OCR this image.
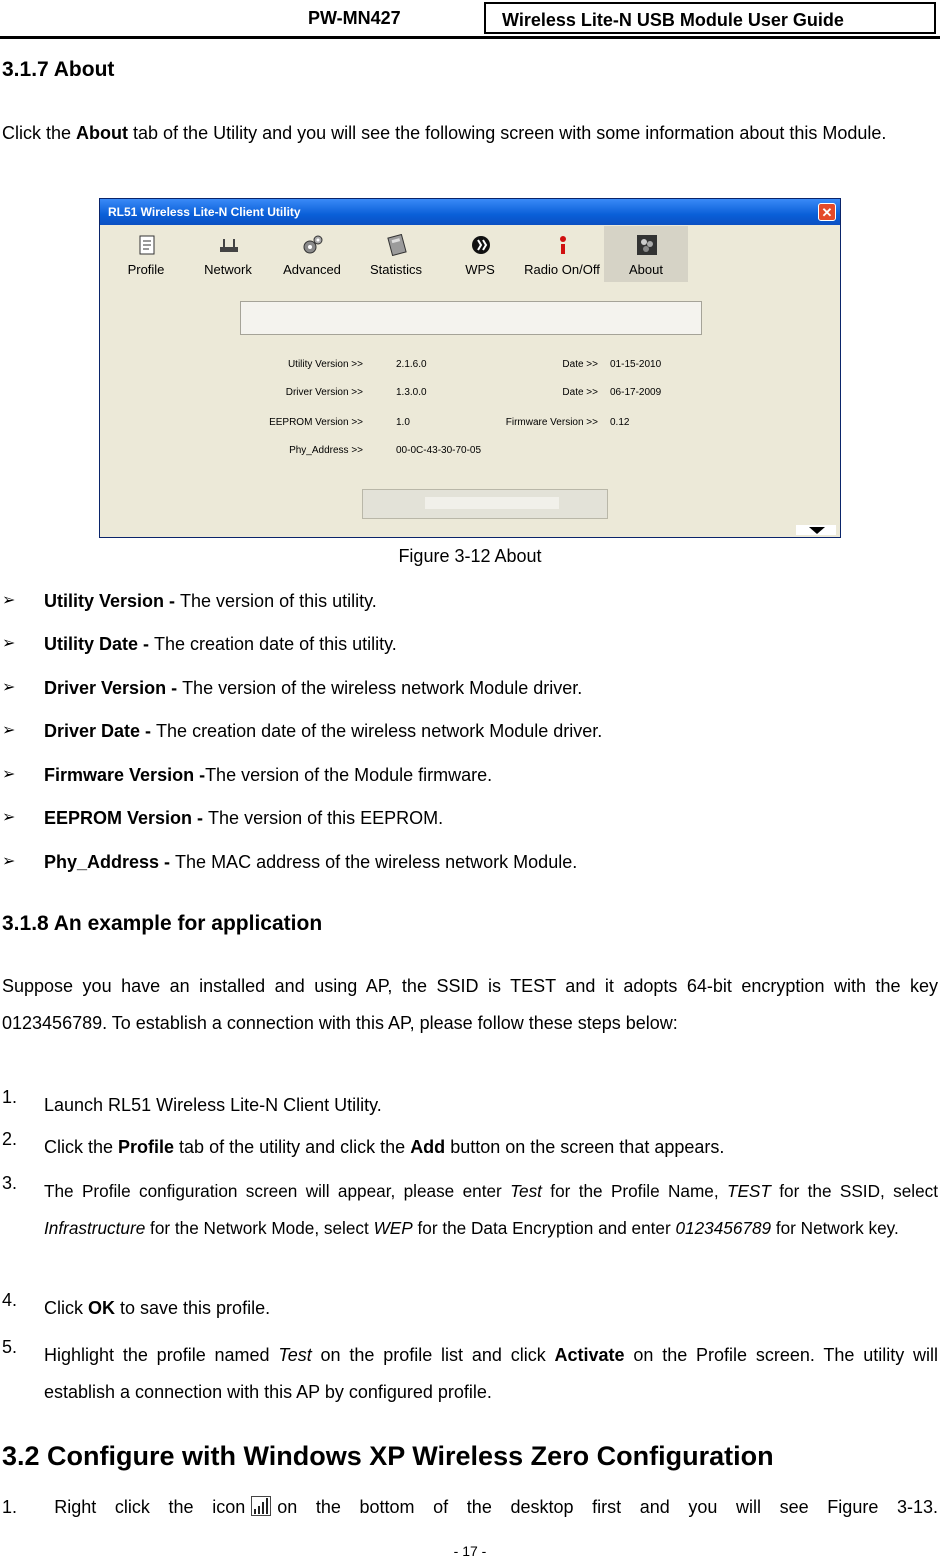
PW-MN427	Wireless Lite-N USB Module User Guide
3.1.7 About
Click the About tab of the Utility and you will see the following screen with some information about this Module.
RL51 Wireless Lite-N Client Utility	✕
Profile	Network	Advanced	Statistics	WPS	Radio On/Off	About
Utility Version >>	2.1.6.0	Date >> 01-15-2010
Driver Version >>	1.3.0.0	Date >> 06-17-2009
EEPROM Version >>	1.0	Firmware Version >> 0.12
Phy_Address >>	00-0C-43-30-70-05
Figure 3-12 About
➢ Utility Version - The version of this utility.
➢ Utility Date - The creation date of this utility.
➢ Driver Version - The version of the wireless network Module driver.
➢ Driver Date - The creation date of the wireless network Module driver.
➢ Firmware Version -The version of the Module firmware.
➢ EEPROM Version - The version of this EEPROM.
➢ Phy_Address - The MAC address of the wireless network Module.
3.1.8 An example for application
Suppose you have an installed and using AP, the SSID is TEST and it adopts 64-bit encryption with the key 0123456789. To establish a connection with this AP, please follow these steps below:
1. Launch RL51 Wireless Lite-N Client Utility.
2. Click the Profile tab of the utility and click the Add button on the screen that appears.
3. The Profile configuration screen will appear, please enter Test for the Profile Name, TEST for the SSID, select Infrastructure for the Network Mode, select WEP for the Data Encryption and enter 0123456789 for Network key.
4. Click OK to save this profile.
5. Highlight the profile named Test on the profile list and click Activate on the Profile screen. The utility will establish a connection with this AP by configured profile.
3.2 Configure with Windows XP Wireless Zero Configuration
1. Right click the icon on the bottom of the desktop first and you will see Figure 3-13.
- 17 -
